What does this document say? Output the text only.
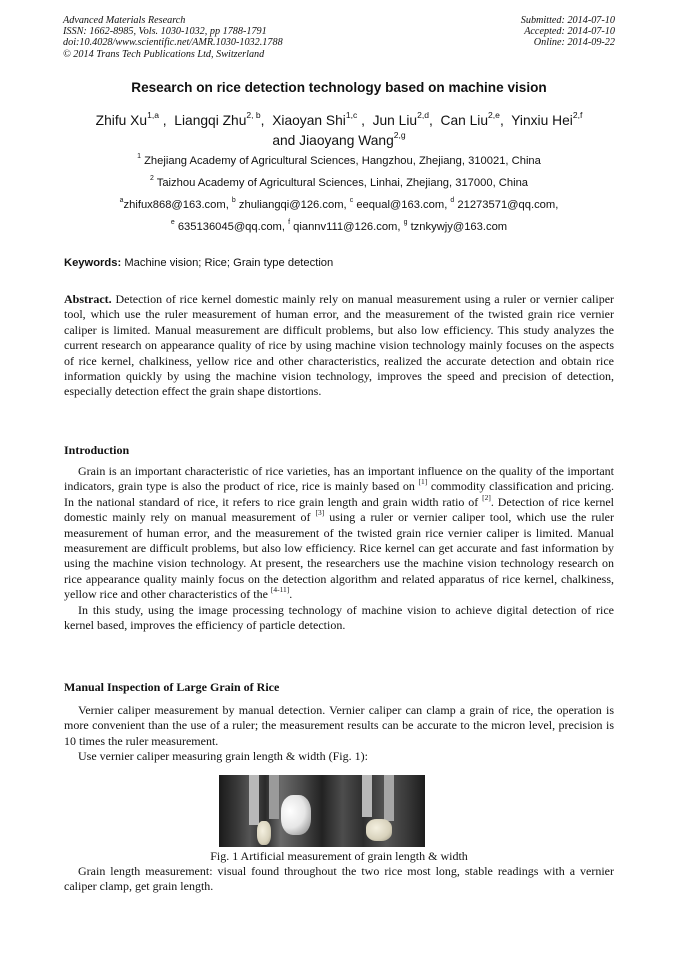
Advanced Materials Research
ISSN: 1662-8985, Vols. 1030-1032, pp 1788-1791
doi:10.4028/www.scientific.net/AMR.1030-1032.1788
© 2014 Trans Tech Publications Ltd, Switzerland
Submitted: 2014-07-10
Accepted: 2014-07-10
Online: 2014-09-22
Research on rice detection technology based on machine vision
Zhifu Xu$^{1,a}$ ,  Liangqi Zhu$^{2, b}$,  Xiaoyan Shi$^{1,c}$ ,  Jun Liu$^{2,d}$,  Can Liu$^{2,e}$,  Yinxiu Hei$^{2,f}$
and Jiaoyang Wang$^{2,g}$
$^1$ Zhejiang Academy of Agricultural Sciences, Hangzhou, Zhejiang, 310021, China
$^2$ Taizhou Academy of Agricultural Sciences, Linhai, Zhejiang, 317000, China
$^a$zhifux868@163.com, $^b$ zhuliangqi@126.com, $^c$ eequal@163.com, $^d$ 21273571@qq.com,
$^e$ 635136045@qq.com, $^f$ qiannv111@126.com, $^g$ tznkywjy@163.com
Keywords: Machine vision; Rice; Grain type detection

Abstract. Detection of rice kernel domestic mainly rely on manual measurement using a ruler or vernier caliper tool, which use the ruler measurement of human error, and the measurement of the twisted grain rice vernier caliper is limited. Manual measurement are difficult problems, but also low efficiency. This study analyzes the current research on appearance quality of rice by using machine vision technology mainly focuses on the aspects of rice kernel, chalkiness, yellow rice and other characteristics, realized the accurate detection and obtain rice information quickly by using the machine vision technology, improves the speed and precision of detection, especially detection effect the grain shape distortions.

Introduction

Grain is an important characteristic of rice varieties, has an important influence on the quality of the important indicators, grain type is also the product of rice, rice is mainly based on [1] commodity classification and pricing. In the national standard of rice, it refers to rice grain length and grain width ratio of [2]. Detection of rice kernel domestic mainly rely on manual measurement of [3] using a ruler or vernier caliper tool, which use the ruler measurement of human error, and the measurement of the twisted grain rice vernier caliper is limited. Manual measurement are difficult problems, but also low efficiency. Rice kernel can get accurate and fast information by using the machine vision technology. At present, the researchers use the machine vision technology research on rice appearance quality mainly focus on the detection algorithm and related apparatus of rice kernel, chalkiness, yellow rice and other characteristics of the [4-11].

In this study, using the image processing technology of machine vision to achieve digital detection of rice kernel based, improves the efficiency of particle detection.

Manual Inspection of Large Grain of Rice

Vernier caliper measurement by manual detection. Vernier caliper can clamp a grain of rice, the operation is more convenient than the use of a ruler; the measurement results can be accurate to the micron level, precision is 10 times the ruler measurement.

Use vernier caliper measuring grain length & width (Fig. 1):

Fig. 1 Artificial measurement of grain length & width

Grain length measurement: visual found throughout the two rice most long, stable readings with a vernier caliper clamp, get grain length.
